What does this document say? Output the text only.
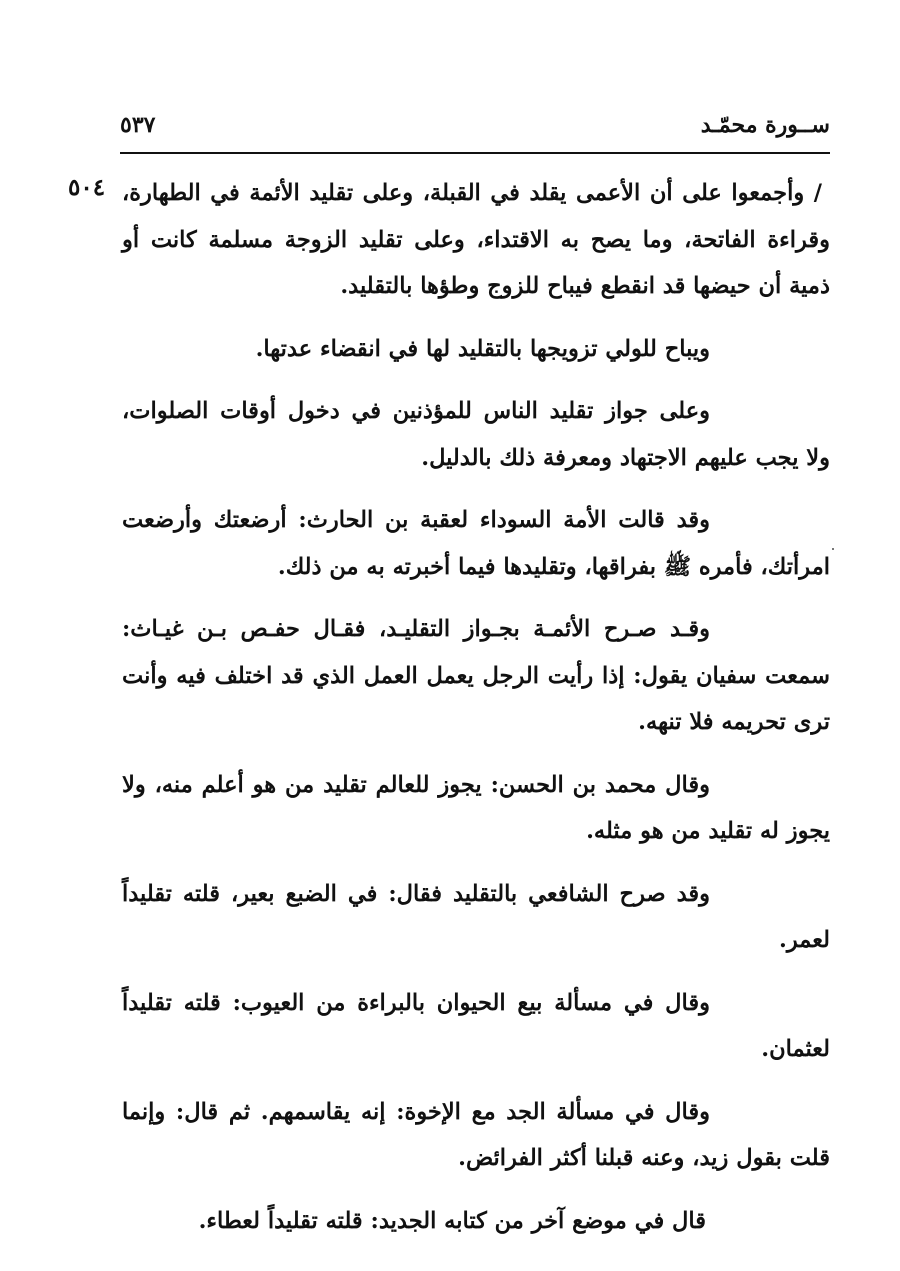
ســورة محمّـد
٥٣٧
٥٠٤ / وأجمعوا على أن الأعمى يقلد في القبلة، وعلى تقليد الأئمة في الطهارة، وقراءة الفاتحة، وما يصح به الاقتداء، وعلى تقليد الزوجة مسلمة كانت أو ذمية أن حيضها قد انقطع فيباح للزوج وطؤها بالتقليد.

ويباح للولي تزويجها بالتقليد لها في انقضاء عدتها.

وعلى جواز تقليد الناس للمؤذنين في دخول أوقات الصلوات، ولا يجب عليهم الاجتهاد ومعرفة ذلك بالدليل.

وقد قالت الأمة السوداء لعقبة بن الحارث: أرضعتك وأرضعت امرأتك، فأمره ﷺ بفراقها، وتقليدها فيما أخبرته به من ذلك.

وقـد صـرح الأئمـة بجـواز التقليـد، فقـال حفـص بـن غيـاث: سمعت سفيان يقول: إذا رأيت الرجل يعمل العمل الذي قد اختلف فيه وأنت ترى تحريمه فلا تنهه.

وقال محمد بن الحسن: يجوز للعالم تقليد من هو أعلم منه، ولا يجوز له تقليد من هو مثله.

وقد صرح الشافعي بالتقليد فقال: في الضبع بعير، قلته تقليداً لعمر.

وقال في مسألة بيع الحيوان بالبراءة من العيوب: قلته تقليداً لعثمان.

وقال في مسألة الجد مع الإخوة: إنه يقاسمهم. ثم قال: وإنما قلت بقول زيد، وعنه قبلنا أكثر الفرائض.

قال في موضع آخر من كتابه الجديد: قلته تقليداً لعطاء.
